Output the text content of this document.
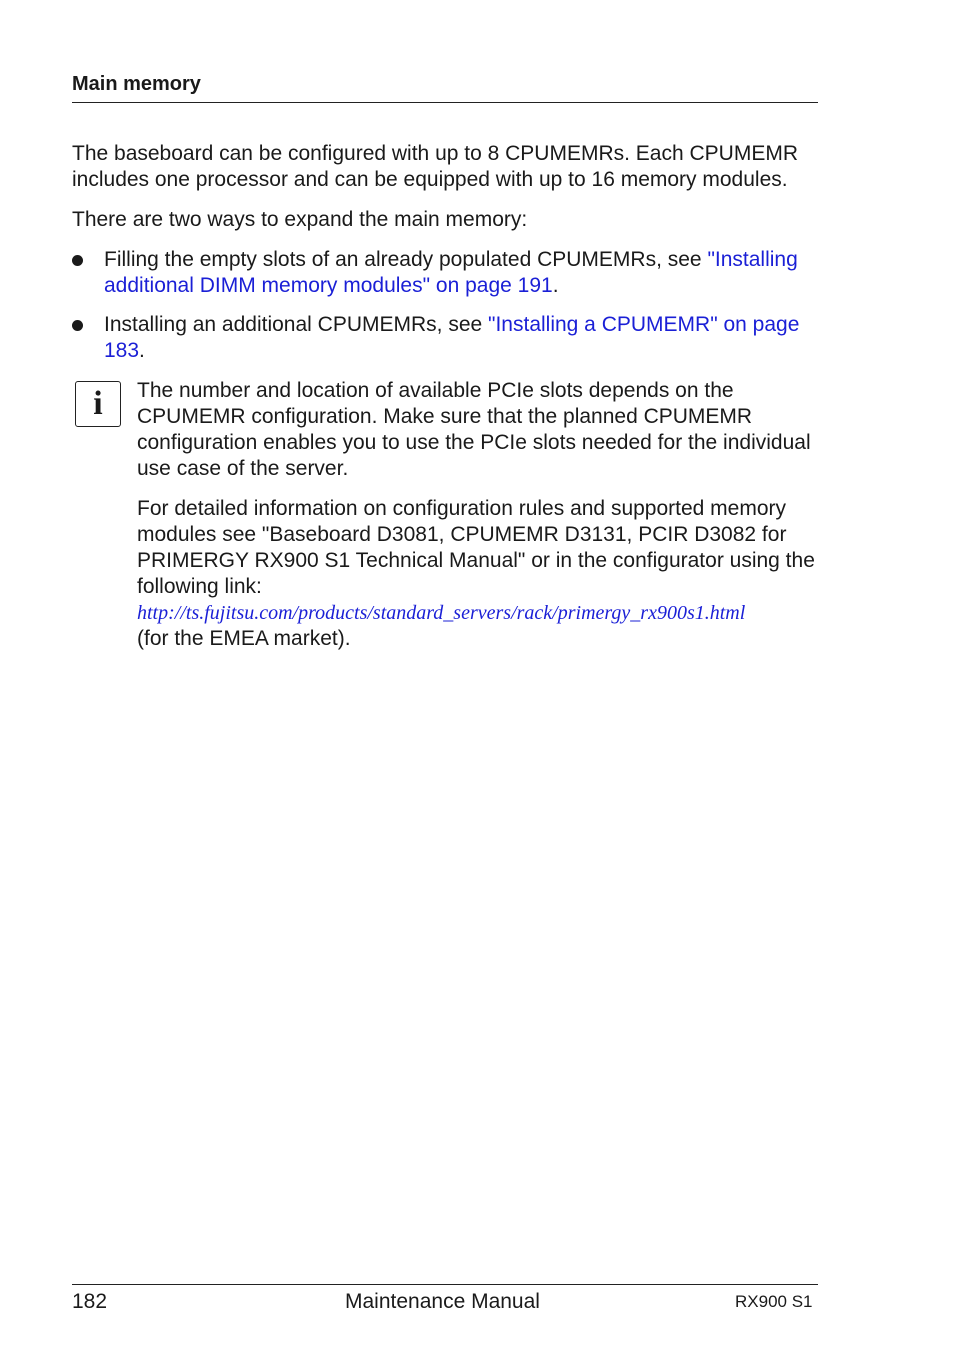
Main memory
The baseboard can be configured with up to 8 CPUMEMRs. Each CPUMEMR includes one processor and can be equipped with up to 16 memory modules.
There are two ways to expand the main memory:
Filling the empty slots of an already populated CPUMEMRs, see "Installing additional DIMM memory modules" on page 191.
Installing an additional CPUMEMRs, see "Installing a CPUMEMR" on page 183.
i	The number and location of available PCIe slots depends on the CPUMEMR configuration. Make sure that the planned CPUMEMR configuration enables you to use the PCIe slots needed for the individual use case of the server.
For detailed information on configuration rules and supported memory modules see "Baseboard D3081, CPUMEMR D3131, PCIR D3082 for PRIMERGY RX900 S1 Technical Manual" or in the configurator using the following link:
http://ts.fujitsu.com/products/standard_servers/rack/primergy_rx900s1.html
(for the EMEA market).
182	Maintenance Manual	RX900 S1
